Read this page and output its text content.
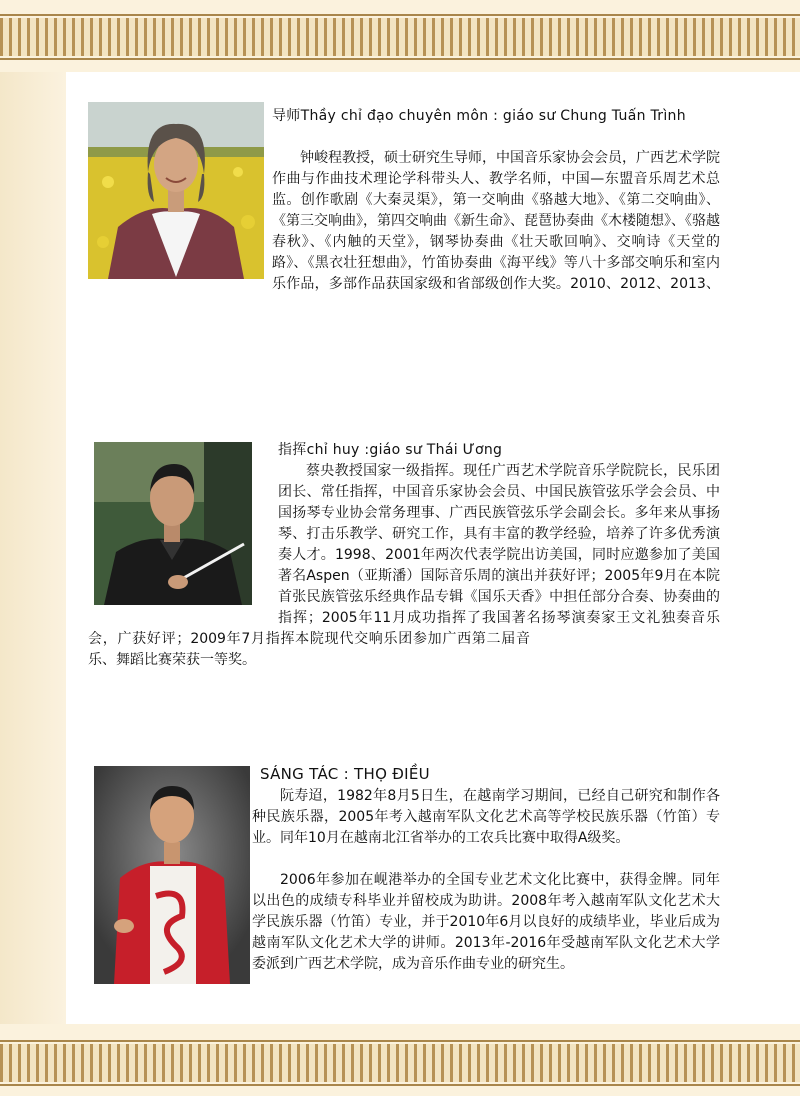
导师Thầy chỉ đạo chuyên môn : giáo sư Chung Tuấn Trình

钟峻程教授，硕士研究生导师，中国音乐家协会会员，广西艺术学院作曲与作曲技术理论学科带头人、教学名师，中国—东盟音乐周艺术总监。创作歌剧《大秦灵渠》，第一交响曲《骆越大地》、《第二交响曲》、《第三交响曲》，第四交响曲《新生命》、琵琶协奏曲《木楼随想》、《骆越春秋》、《内触的天堂》，钢琴协奏曲《壮天歌回响》、交响诗《天堂的路》、《黑衣壮狂想曲》，竹笛协奏曲《海平线》等八十多部交响乐和室内乐作品，多部作品获国家级和省部级创作大奖。2010、2012、2013、

指挥chỉ huy :giáo sư Thái Ương

蔡央教授国家一级指挥。现任广西艺术学院音乐学院院长，民乐团团长、常任指挥，中国音乐家协会会员、中国民族管弦乐学会会员、中国扬琴专业协会常务理事、广西民族管弦乐学会副会长。多年来从事扬琴、打击乐教学、研究工作，具有丰富的教学经验，培养了许多优秀演奏人才。1998、2001年两次代表学院出访美国，同时应邀参加了美国著名Aspen（亚斯潘）国际音乐周的演出并获好评；2005年9月在本院首张民族管弦乐经典作品专辑《国乐天香》中担任部分合奏、协奏曲的指挥；2005年11月成功指挥了我国著名扬琴演奏家王文礼独奏音乐

会，广获好评；2009年7月指挥本院现代交响乐团参加广西第二届音乐、舞蹈比赛荣获一等奖。

SÁNG TÁC : THỌ ĐIỀU

阮寿迢，1982年8月5日生，在越南学习期间，已经自己研究和制作各种民族乐器，2005年考入越南军队文化艺术高等学校民族乐器（竹笛）专业。同年10月在越南北江省举办的工农兵比赛中取得A级奖。

2006年参加在岘港举办的全国专业艺术文化比赛中，获得金牌。同年以出色的成绩专科毕业并留校成为助讲。2008年考入越南军队文化艺术大学民族乐器（竹笛）专业，并于2010年6月以良好的成绩毕业，毕业后成为越南军队文化艺术大学的讲师。2013年-2016年受越南军队文化艺术大学委派到广西艺术学院，成为音乐作曲专业的研究生。
